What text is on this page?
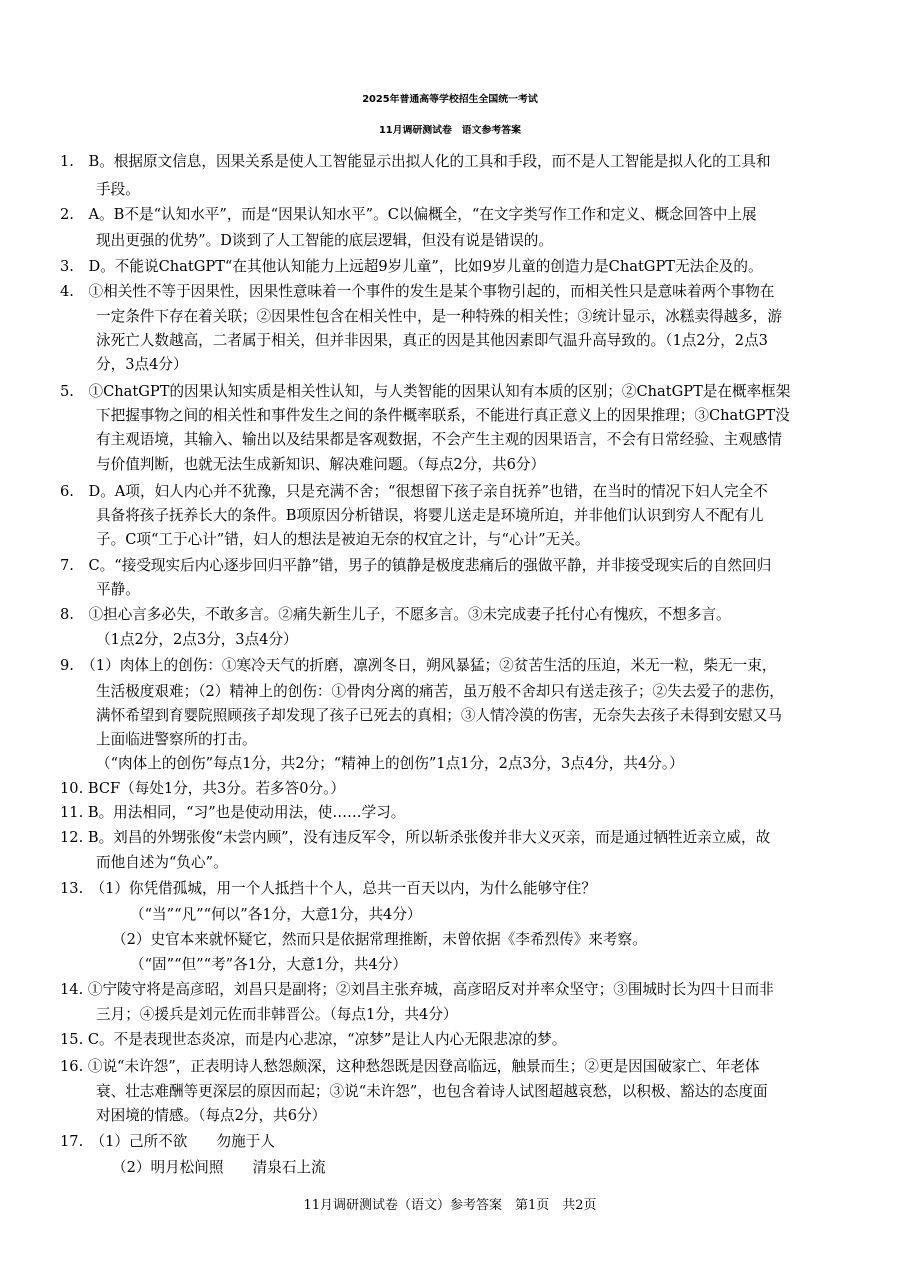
2025年普通高等学校招生全国统一考试
11月调研测试卷　语文参考答案
1.　B。根据原文信息，因果关系是使人工智能显示出拟人化的工具和手段，而不是人工智能是拟人化的工具和
手段。
2.　A。B不是“认知水平”，而是“因果认知水平”。C以偏概全，“在文字类写作工作和定义、概念回答中上展
现出更强的优势”。D谈到了人工智能的底层逻辑，但没有说是错误的。
3.　D。不能说ChatGPT“在其他认知能力上远超9岁儿童”，比如9岁儿童的创造力是ChatGPT无法企及的。
4.　①相关性不等于因果性，因果性意味着一个事件的发生是某个事物引起的，而相关性只是意味着两个事物在
一定条件下存在着关联；②因果性包含在相关性中，是一种特殊的相关性；③统计显示，冰糕卖得越多，游
泳死亡人数越高，二者属于相关，但并非因果，真正的因是其他因素即气温升高导致的。（1点2分，2点3
分，3点4分）
5.　①ChatGPT的因果认知实质是相关性认知，与人类智能的因果认知有本质的区别；②ChatGPT是在概率框架
下把握事物之间的相关性和事件发生之间的条件概率联系，不能进行真正意义上的因果推理；③ChatGPT没
有主观语境，其输入、输出以及结果都是客观数据，不会产生主观的因果语言，不会有日常经验、主观感情
与价值判断，也就无法生成新知识、解决难问题。（每点2分，共6分）
6.　D。A项，妇人内心并不犹豫，只是充满不舍；“很想留下孩子亲自抚养”也错，在当时的情况下妇人完全不
具备将孩子抚养长大的条件。B项原因分析错误，将婴儿送走是环境所迫，并非他们认识到穷人不配有儿
子。C项“工于心计”错，妇人的想法是被迫无奈的权宜之计，与“心计”无关。
7.　C。“接受现实后内心逐步回归平静”错，男子的镇静是极度悲痛后的强做平静，并非接受现实后的自然回归
平静。
8.　①担心言多必失，不敢多言。②痛失新生儿子，不愿多言。③未完成妻子托付心有愧疚，不想多言。
（1点2分，2点3分，3点4分）
9.　（1）肉体上的创伤：①寒冷天气的折磨，凛冽冬日，朔风暴猛；②贫苦生活的压迫，米无一粒，柴无一束，
生活极度艰难；（2）精神上的创伤：①骨肉分离的痛苦，虽万般不舍却只有送走孩子；②失去爱子的悲伤，
满怀希望到育婴院照顾孩子却发现了孩子已死去的真相；③人情冷漠的伤害，无奈失去孩子未得到安慰又马
上面临进警察所的打击。
（“肉体上的创伤”每点1分，共2分；“精神上的创伤”1点1分，2点3分，3点4分，共4分。）
10. BCF（每处1分，共3分。若多答0分。）
11. B。用法相同，“习”也是使动用法，使……学习。
12. B。刘昌的外甥张俊“未尝内顾”，没有违反军令，所以斩杀张俊并非大义灭亲，而是通过牺牲近亲立威，故
而他自述为“负心”。
13.　（1）你凭借孤城，用一个人抵挡十个人，总共一百天以内，为什么能够守住？
（“当”“凡”“何以”各1分，大意1分，共4分）
（2）史官本来就怀疑它，然而只是依据常理推断，未曾依据《李希烈传》来考察。
（“固”“但”“考”各1分，大意1分，共4分）
14. ①宁陵守将是高彦昭，刘昌只是副将；②刘昌主张弃城，高彦昭反对并率众坚守；③围城时长为四十日而非
三月；④援兵是刘元佐而非韩晋公。（每点1分，共4分）
15. C。不是表现世态炎凉，而是内心悲凉，“凉梦”是让人内心无限悲凉的梦。
16. ①说“未许怨”，正表明诗人愁怨颇深，这种愁怨既是因登高临远，触景而生；②更是因国破家亡、年老体
衰、壮志难酬等更深层的原因而起；③说“未许怨”，也包含着诗人试图超越哀愁，以积极、豁达的态度面
对困境的情感。（每点2分，共6分）
17.　（1）己所不欲　　勿施于人
（2）明月松间照　　清泉石上流
11月调研测试卷（语文）参考答案　第1页　共2页
